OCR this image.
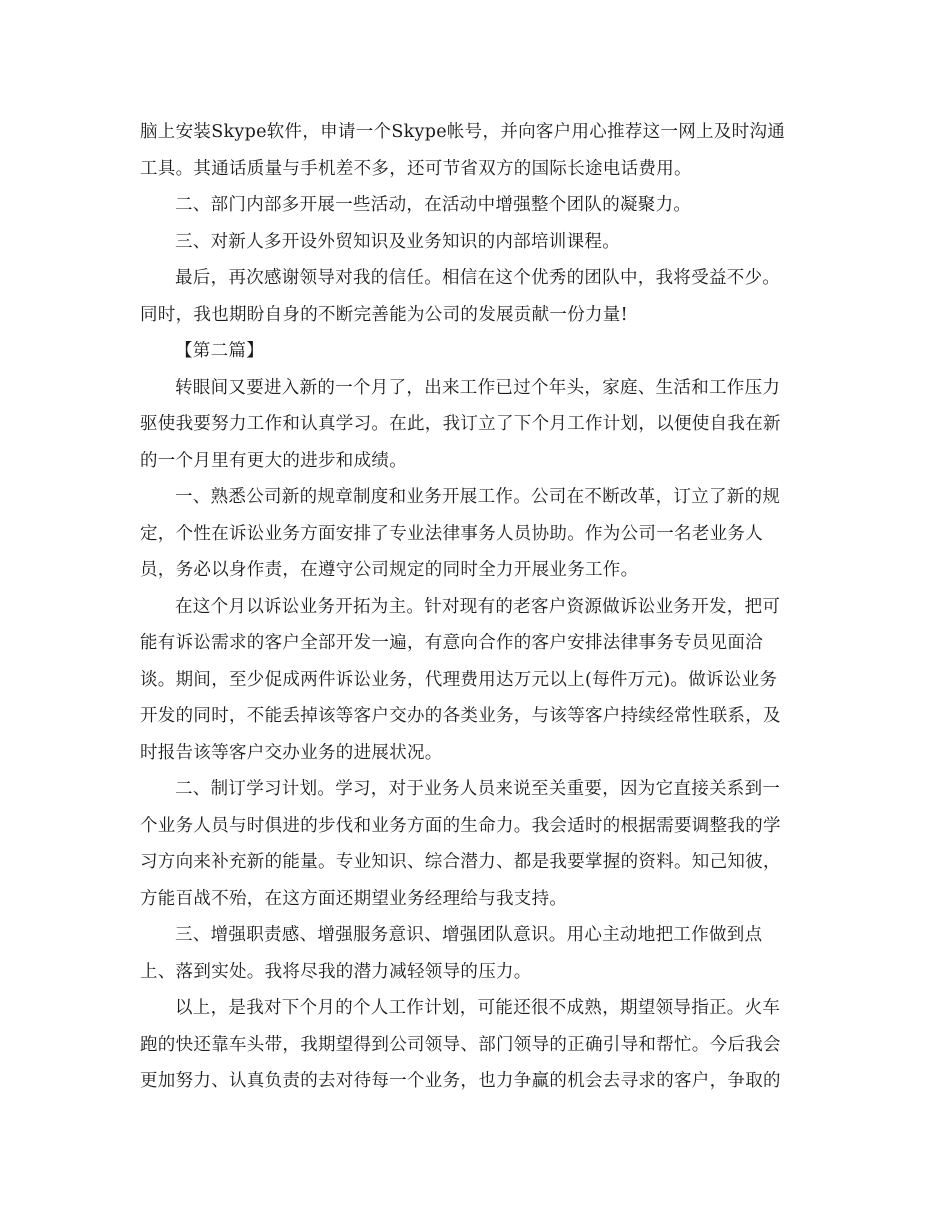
脑上安装Skype软件，申请一个Skype帐号，并向客户用心推荐这一网上及时沟通
工具。其通话质量与手机差不多，还可节省双方的国际长途电话费用。
二、部门内部多开展一些活动，在活动中增强整个团队的凝聚力。
三、对新人多开设外贸知识及业务知识的内部培训课程。
最后，再次感谢领导对我的信任。相信在这个优秀的团队中，我将受益不少。
同时，我也期盼自身的不断完善能为公司的发展贡献一份力量!
【第二篇】
转眼间又要进入新的一个月了，出来工作已过个年头，家庭、生活和工作压力
驱使我要努力工作和认真学习。在此，我订立了下个月工作计划，以便使自我在新
的一个月里有更大的进步和成绩。
一、熟悉公司新的规章制度和业务开展工作。公司在不断改革，订立了新的规
定，个性在诉讼业务方面安排了专业法律事务人员协助。作为公司一名老业务人
员，务必以身作责，在遵守公司规定的同时全力开展业务工作。
在这个月以诉讼业务开拓为主。针对现有的老客户资源做诉讼业务开发，把可
能有诉讼需求的客户全部开发一遍，有意向合作的客户安排法律事务专员见面洽
谈。期间，至少促成两件诉讼业务，代理费用达万元以上(每件万元)。做诉讼业务
开发的同时，不能丢掉该等客户交办的各类业务，与该等客户持续经常性联系，及
时报告该等客户交办业务的进展状况。
二、制订学习计划。学习，对于业务人员来说至关重要，因为它直接关系到一
个业务人员与时俱进的步伐和业务方面的生命力。我会适时的根据需要调整我的学
习方向来补充新的能量。专业知识、综合潜力、都是我要掌握的资料。知己知彼，
方能百战不殆，在这方面还期望业务经理给与我支持。
三、增强职责感、增强服务意识、增强团队意识。用心主动地把工作做到点
上、落到实处。我将尽我的潜力减轻领导的压力。
以上，是我对下个月的个人工作计划，可能还很不成熟，期望领导指正。火车
跑的快还靠车头带，我期望得到公司领导、部门领导的正确引导和帮忙。今后我会
更加努力、认真负责的去对待每一个业务，也力争赢的机会去寻求的客户，争取的
